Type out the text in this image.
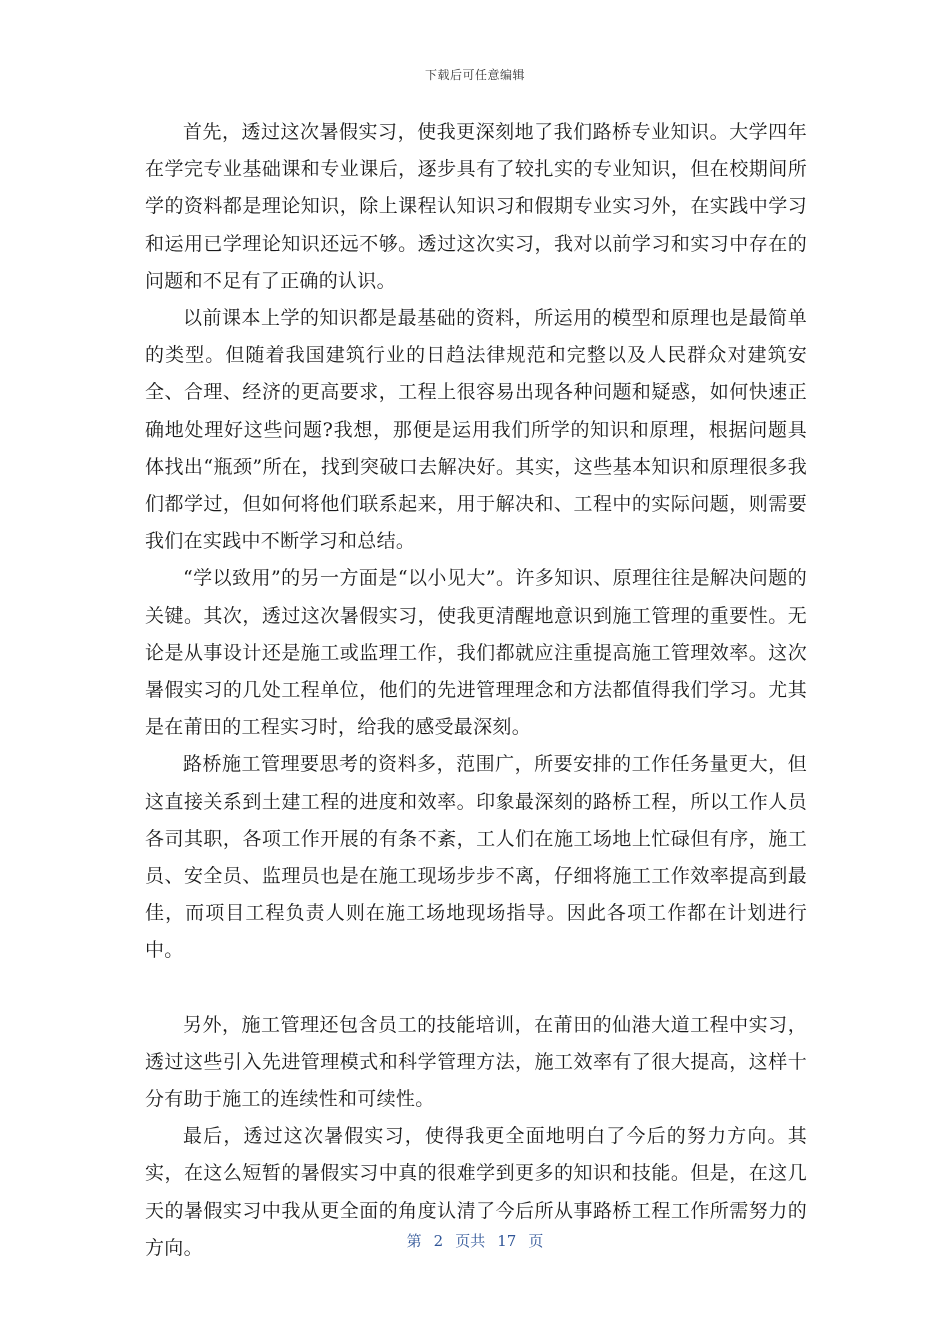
下载后可任意编辑

首先，透过这次暑假实习，使我更深刻地了我们路桥专业知识。大学四年在学完专业基础课和专业课后，逐步具有了较扎实的专业知识，但在校期间所学的资料都是理论知识，除上课程认知识习和假期专业实习外，在实践中学习和运用已学理论知识还远不够。透过这次实习，我对以前学习和实习中存在的问题和不足有了正确的认识。

以前课本上学的知识都是最基础的资料，所运用的模型和原理也是最简单的类型。但随着我国建筑行业的日趋法律规范和完整以及人民群众对建筑安全、合理、经济的更高要求，工程上很容易出现各种问题和疑惑，如何快速正确地处理好这些问题?我想，那便是运用我们所学的知识和原理，根据问题具体找出“瓶颈”所在，找到突破口去解决好。其实，这些基本知识和原理很多我们都学过，但如何将他们联系起来，用于解决和、工程中的实际问题，则需要我们在实践中不断学习和总结。

“学以致用”的另一方面是“以小见大”。许多知识、原理往往是解决问题的关键。其次，透过这次暑假实习，使我更清醒地意识到施工管理的重要性。无论是从事设计还是施工或监理工作，我们都就应注重提高施工管理效率。这次暑假实习的几处工程单位，他们的先进管理理念和方法都值得我们学习。尤其是在莆田的工程实习时，给我的感受最深刻。

路桥施工管理要思考的资料多，范围广，所要安排的工作任务量更大，但这直接关系到土建工程的进度和效率。印象最深刻的路桥工程，所以工作人员各司其职，各项工作开展的有条不紊，工人们在施工场地上忙碌但有序，施工员、安全员、监理员也是在施工现场步步不离，仔细将施工工作效率提高到最佳，而项目工程负责人则在施工场地现场指导。因此各项工作都在计划进行中。

另外，施工管理还包含员工的技能培训，在莆田的仙港大道工程中实习，透过这些引入先进管理模式和科学管理方法，施工效率有了很大提高，这样十分有助于施工的连续性和可续性。

最后，透过这次暑假实习，使得我更全面地明白了今后的努力方向。其实，在这么短暂的暑假实习中真的很难学到更多的知识和技能。但是，在这几天的暑假实习中我从更全面的角度认清了今后所从事路桥工程工作所需努力的方向。	第 2 页共 17 页
